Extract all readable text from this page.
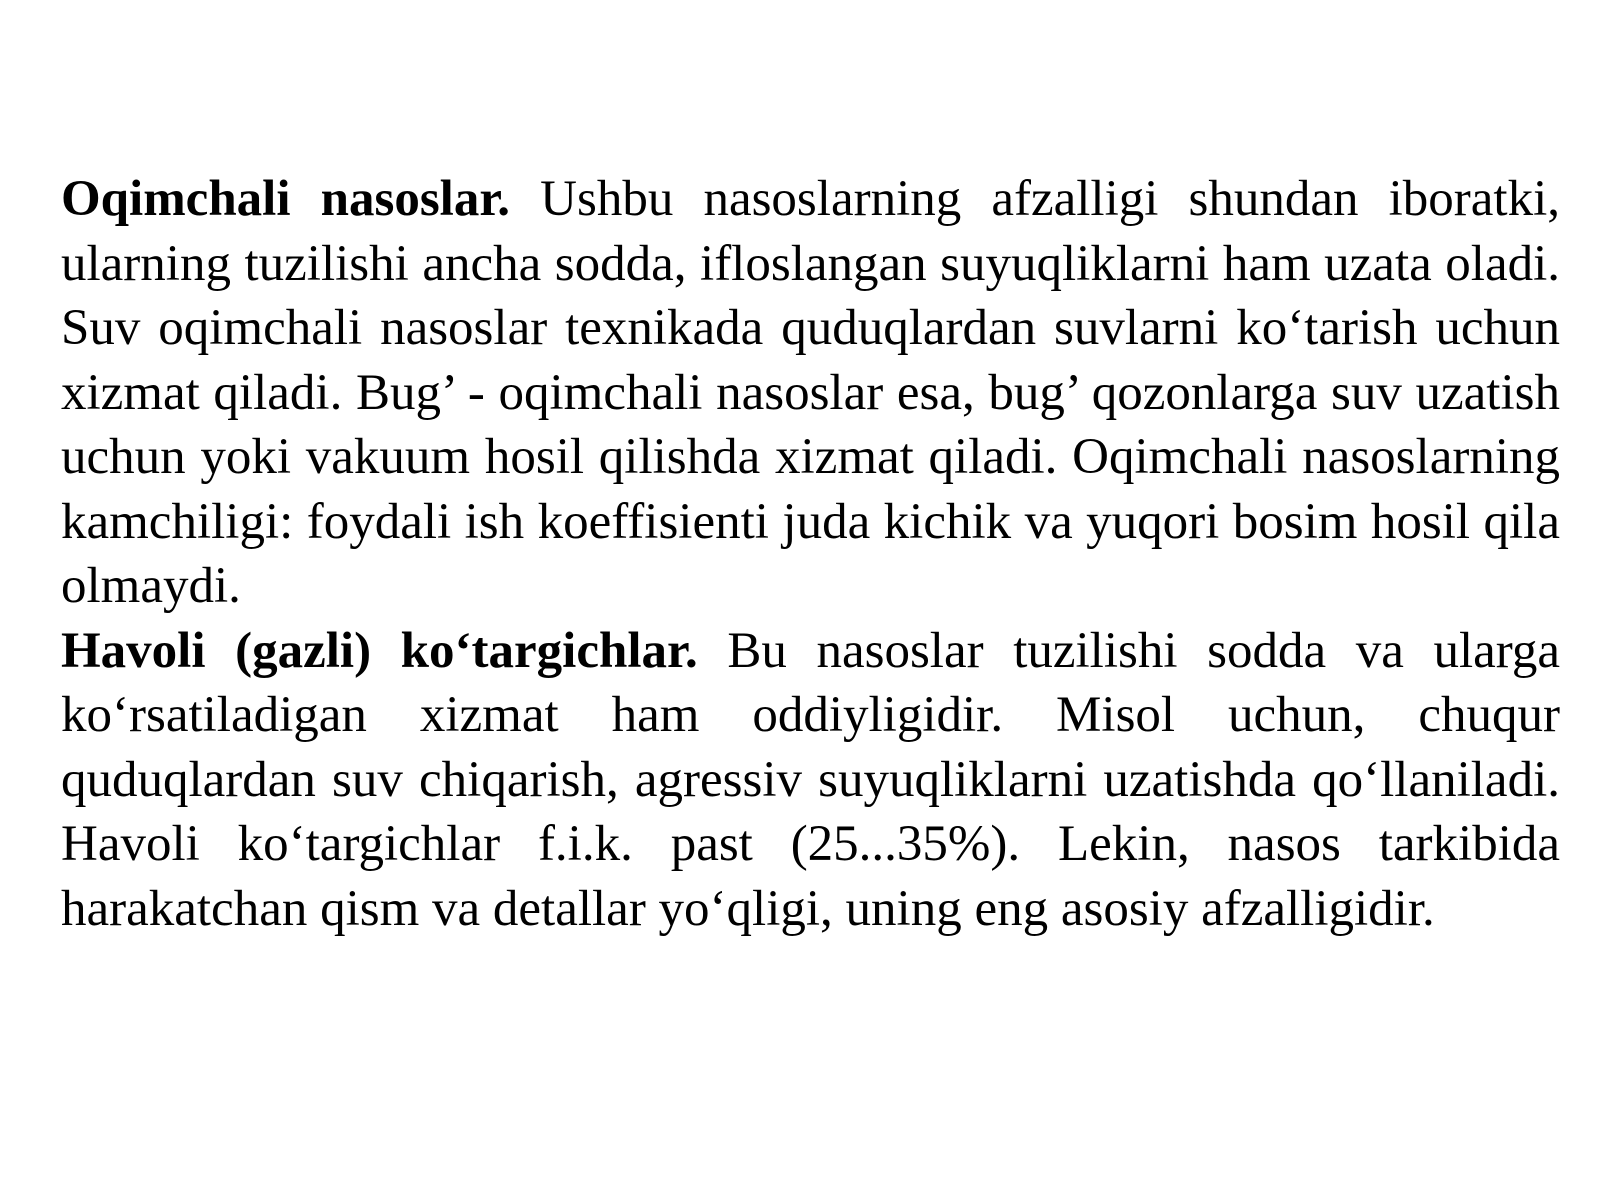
Oqimchali nasoslar. Ushbu nasoslarning afzalligi shundan iboratki, ularning tuzilishi ancha sodda, ifloslangan suyuqliklarni ham uzata oladi. Suv oqimchali nasoslar texnikada quduqlardan suvlarni ko‘tarish uchun xizmat qiladi. Bug’ - oqimchali nasoslar esa, bug’ qozonlarga suv uzatish uchun yoki vakuum hosil qilishda xizmat qiladi. Oqimchali nasoslarning kamchiligi: foydali ish koeffisienti juda kichik va yuqori bosim hosil qila olmaydi.

Havoli (gazli) ko‘targichlar. Bu nasoslar tuzilishi sodda va ularga ko‘rsatiladigan xizmat ham oddiyligidir. Misol uchun, chuqur quduqlardan suv chiqarish, agressiv suyuqliklarni uzatishda qo‘llaniladi. Havoli ko‘targichlar f.i.k. past (25...35%). Lekin, nasos tarkibida harakatchan qism va detallar yo‘qligi, uning eng asosiy afzalligidir.
